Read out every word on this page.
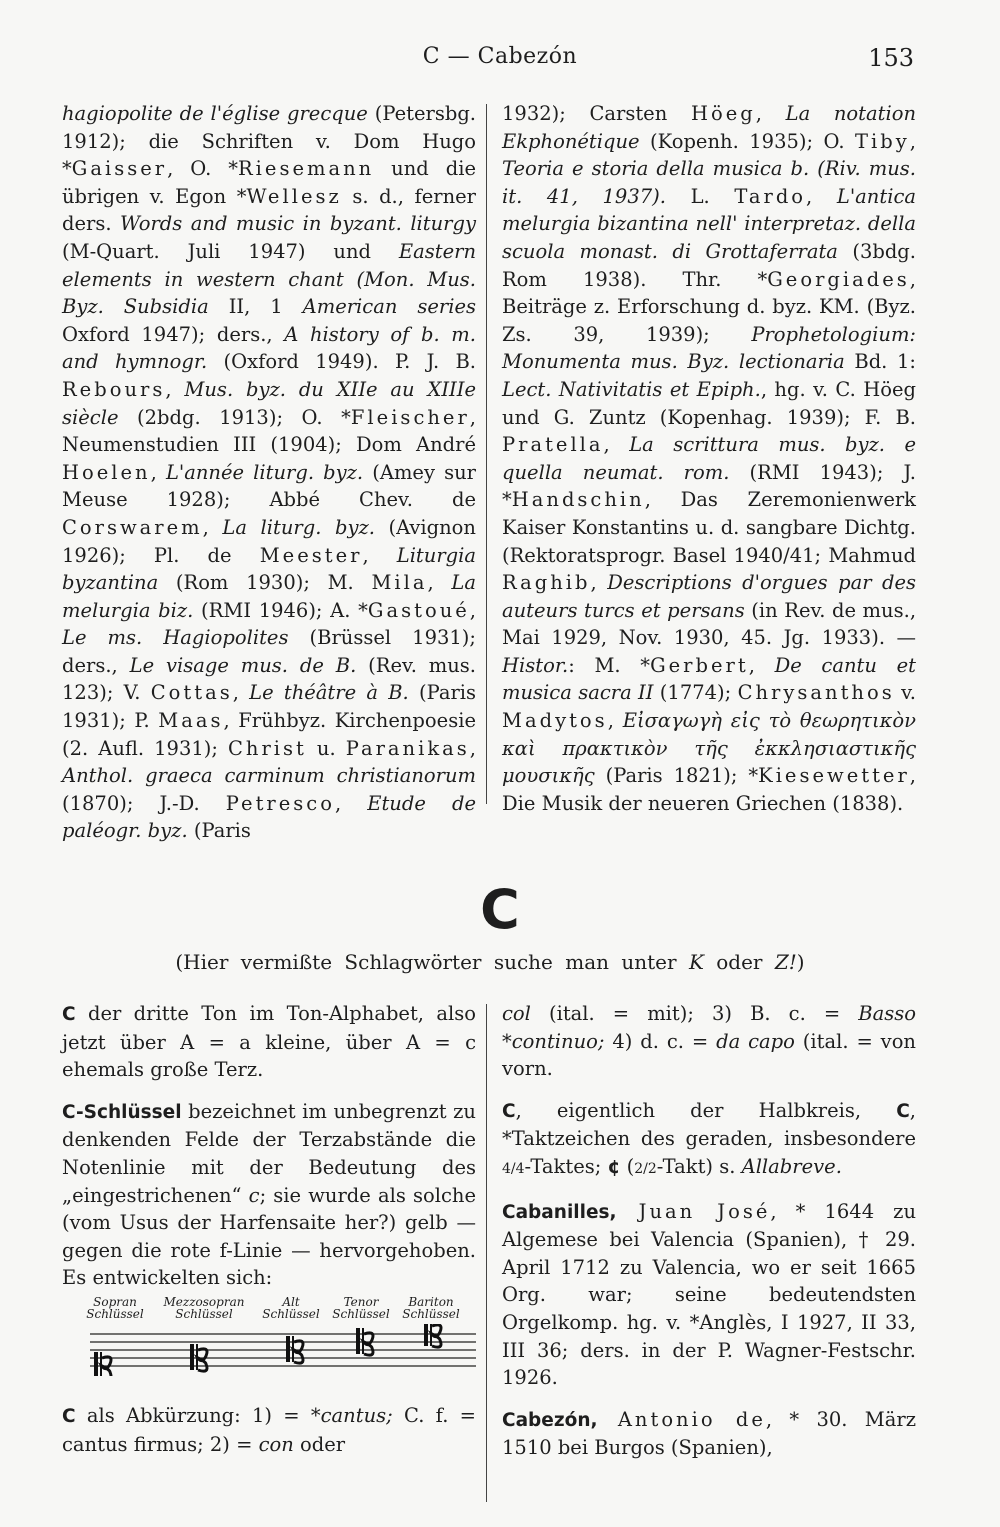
C — Cabezón	153
hagiopolite de l'église grecque (Petersbg. 1912); die Schriften v. Dom Hugo *Gaisser, O. *Riesemann und die übrigen v. Egon *Wellesz s. d., ferner ders. Words and music in byzant. liturgy (M-Quart. Juli 1947) und Eastern elements in western chant (Mon. Mus. Byz. Subsidia II, 1 American series Oxford 1947); ders., A history of b. m. and hymnogr. (Oxford 1949). P. J. B. Rebours, Mus. byz. du XIIe au XIIIe siècle (2bdg. 1913); O. *Fleischer, Neumenstudien III (1904); Dom André Hoelen, L'année liturg. byz. (Amey sur Meuse 1928); Abbé Chev. de Corswarem, La liturg. byz. (Avignon 1926); Pl. de Meester, Liturgia byzantina (Rom 1930); M. Mila, La melurgia biz. (RMI 1946); A. *Gastoué, Le ms. Hagiopolites (Brüssel 1931); ders., Le visage mus. de B. (Rev. mus. 123); V. Cottas, Le théâtre à B. (Paris 1931); P. Maas, Frühbyz. Kirchenpoesie (2. Aufl. 1931); Christ u. Paranikas, Anthol. graeca carminum christianorum (1870); J.-D. Petresco, Etude de paléogr. byz. (Paris
1932); Carsten Höeg, La notation Ekphonétique (Kopenh. 1935); O. Tiby, Teoria e storia della musica b. (Riv. mus. it. 41, 1937). L. Tardo, L'antica melurgia bizantina nell' interpretaz. della scuola monast. di Grottaferrata (3bdg. Rom 1938). Thr. *Georgiades, Beiträge z. Erforschung d. byz. KM. (Byz. Zs. 39, 1939); Prophetologium: Monumenta mus. Byz. lectionaria Bd. 1: Lect. Nativitatis et Epiph., hg. v. C. Höeg und G. Zuntz (Kopenhag. 1939); F. B. Pratella, La scrittura mus. byz. e quella neumat. rom. (RMI 1943); J. *Handschin, Das Zeremonienwerk Kaiser Konstantins u. d. sangbare Dichtg. (Rektoratsprogr. Basel 1940/41; Mahmud Raghib, Descriptions d'orgues par des auteurs turcs et persans (in Rev. de mus., Mai 1929, Nov. 1930, 45. Jg. 1933). — Histor.: M. *Gerbert, De cantu et musica sacra II (1774); Chrysanthos v. Madytos, Εἰσαγωγὴ εἰς τὸ θεωρητικὸν καὶ πρακτικὸν τῆς ἐκκλησιαστικῆς μουσικῆς (Paris 1821); *Kiesewetter, Die Musik der neueren Griechen (1838).
C
(Hier vermißte Schlagwörter suche man unter K oder Z!)

C der dritte Ton im Ton-Alphabet, also jetzt über A = a kleine, über A = c ehemals große Terz.

C-Schlüssel bezeichnet im unbegrenzt zu denkenden Felde der Terzabstände die Notenlinie mit der Bedeutung des „eingestrichenen“ c; sie wurde als solche (vom Usus der Harfensaite her?) gelb — gegen die rote f-Linie — hervorgehoben. Es entwickelten sich:

Sopran Schlüssel
Mezzosopran Schlüssel
Alt Schlüssel
Tenor Schlüssel
Bariton Schlüssel

C als Abkürzung: 1) = *cantus; C. f. = cantus firmus; 2) = con oder

col (ital. = mit); 3) B. c. = Basso *continuo; 4) d. c. = da capo (ital. = von vorn.

C, eigentlich der Halbkreis, C, *Taktzeichen des geraden, insbesondere 4/4-Taktes; ¢ (2/2-Takt) s. Allabreve.

Cabanilles, Juan José, * 1644 zu Algemese bei Valencia (Spanien), † 29. April 1712 zu Valencia, wo er seit 1665 Org. war; seine bedeutendsten Orgelkomp. hg. v. *Anglès, I 1927, II 33, III 36; ders. in der P. Wagner-Festschr. 1926.

Cabezón, Antonio de, * 30. März 1510 bei Burgos (Spanien),
